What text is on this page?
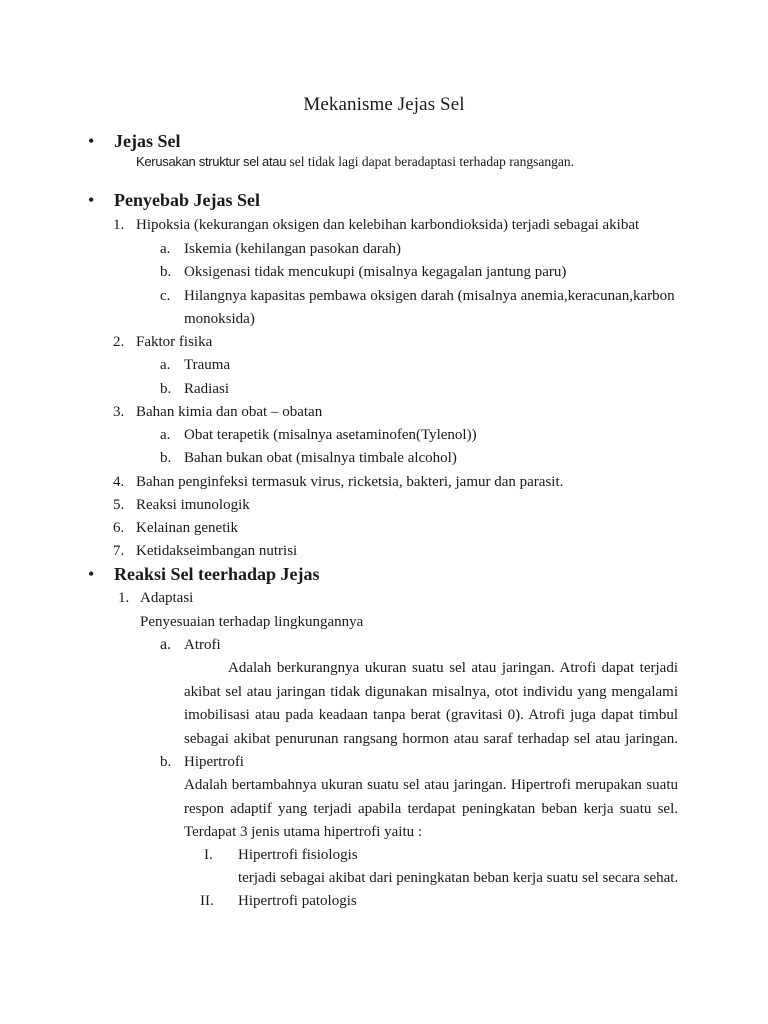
Mekanisme Jejas Sel
• Jejas Sel
Kerusakan struktur sel atau sel tidak lagi dapat beradaptasi terhadap rangsangan.
• Penyebab Jejas Sel
1. Hipoksia (kekurangan oksigen dan kelebihan karbondioksida) terjadi sebagai akibat
a. Iskemia (kehilangan pasokan darah)
b. Oksigenasi tidak mencukupi (misalnya kegagalan jantung paru)
c. Hilangnya kapasitas pembawa oksigen darah (misalnya anemia,keracunan,karbon
monoksida)
2. Faktor fisika
a. Trauma
b. Radiasi
3. Bahan kimia dan obat – obatan
a. Obat terapetik (misalnya asetaminofen(Tylenol))
b. Bahan bukan obat (misalnya timbale alcohol)
4. Bahan penginfeksi termasuk virus, ricketsia, bakteri, jamur dan parasit.
5. Reaksi imunologik
6. Kelainan genetik
7. Ketidakseimbangan nutrisi
• Reaksi Sel teerhadap Jejas
1. Adaptasi
Penyesuaian terhadap lingkungannya
a. Atrofi
Adalah berkurangnya ukuran suatu sel atau jaringan. Atrofi dapat terjadi
akibat sel atau jaringan tidak digunakan misalnya, otot individu yang mengalami
imobilisasi atau pada keadaan tanpa berat (gravitasi 0). Atrofi juga dapat timbul
sebagai akibat penurunan rangsang hormon atau saraf terhadap sel atau jaringan.
b. Hipertrofi
Adalah bertambahnya ukuran suatu sel atau jaringan. Hipertrofi merupakan suatu
respon adaptif yang terjadi apabila terdapat peningkatan beban kerja suatu sel.
Terdapat 3 jenis utama hipertrofi yaitu :
I. Hipertrofi fisiologis
terjadi sebagai akibat dari peningkatan beban kerja suatu sel secara sehat.
II. Hipertrofi patologis
